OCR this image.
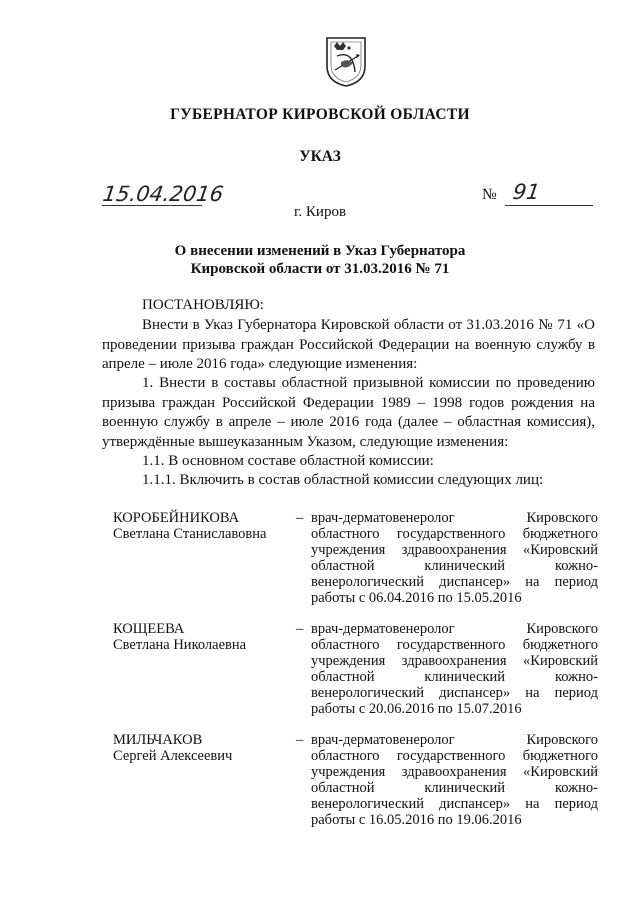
ГУБЕРНАТОР КИРОВСКОЙ ОБЛАСТИ
УКАЗ
15.04.2016	№ 91
г. Киров
О внесении изменений в Указ Губернатора
Кировской области от 31.03.2016 № 71
ПОСТАНОВЛЯЮ:
Внести в Указ Губернатора Кировской области от 31.03.2016 № 71 «О проведении призыва граждан Российской Федерации на военную службу в апреле – июле 2016 года» следующие изменения:
1. Внести в составы областной призывной комиссии по проведению призыва граждан Российской Федерации 1989 – 1998 годов рождения на военную службу в апреле – июле 2016 года (далее – областная комиссия), утверждённые вышеуказанным Указом, следующие изменения:
1.1. В основном составе областной комиссии:
1.1.1. Включить в состав областной комиссии следующих лиц:
КОРОБЕЙНИКОВА
Светлана Станиславовна
– врач-дерматовенеролог Кировского областного государственного бюджетного учреждения здравоохранения «Кировский областной клинический кожно-венерологический диспансер» на период работы с 06.04.2016 по 15.05.2016
КОЩЕЕВА
Светлана Николаевна
– врач-дерматовенеролог Кировского областного государственного бюджетного учреждения здравоохранения «Кировский областной клинический кожно-венерологический диспансер» на период работы с 20.06.2016 по 15.07.2016
МИЛЬЧАКОВ
Сергей Алексеевич
– врач-дерматовенеролог Кировского областного государственного бюджетного учреждения здравоохранения «Кировский областной клинический кожно-венерологический диспансер» на период работы с 16.05.2016 по 19.06.2016
